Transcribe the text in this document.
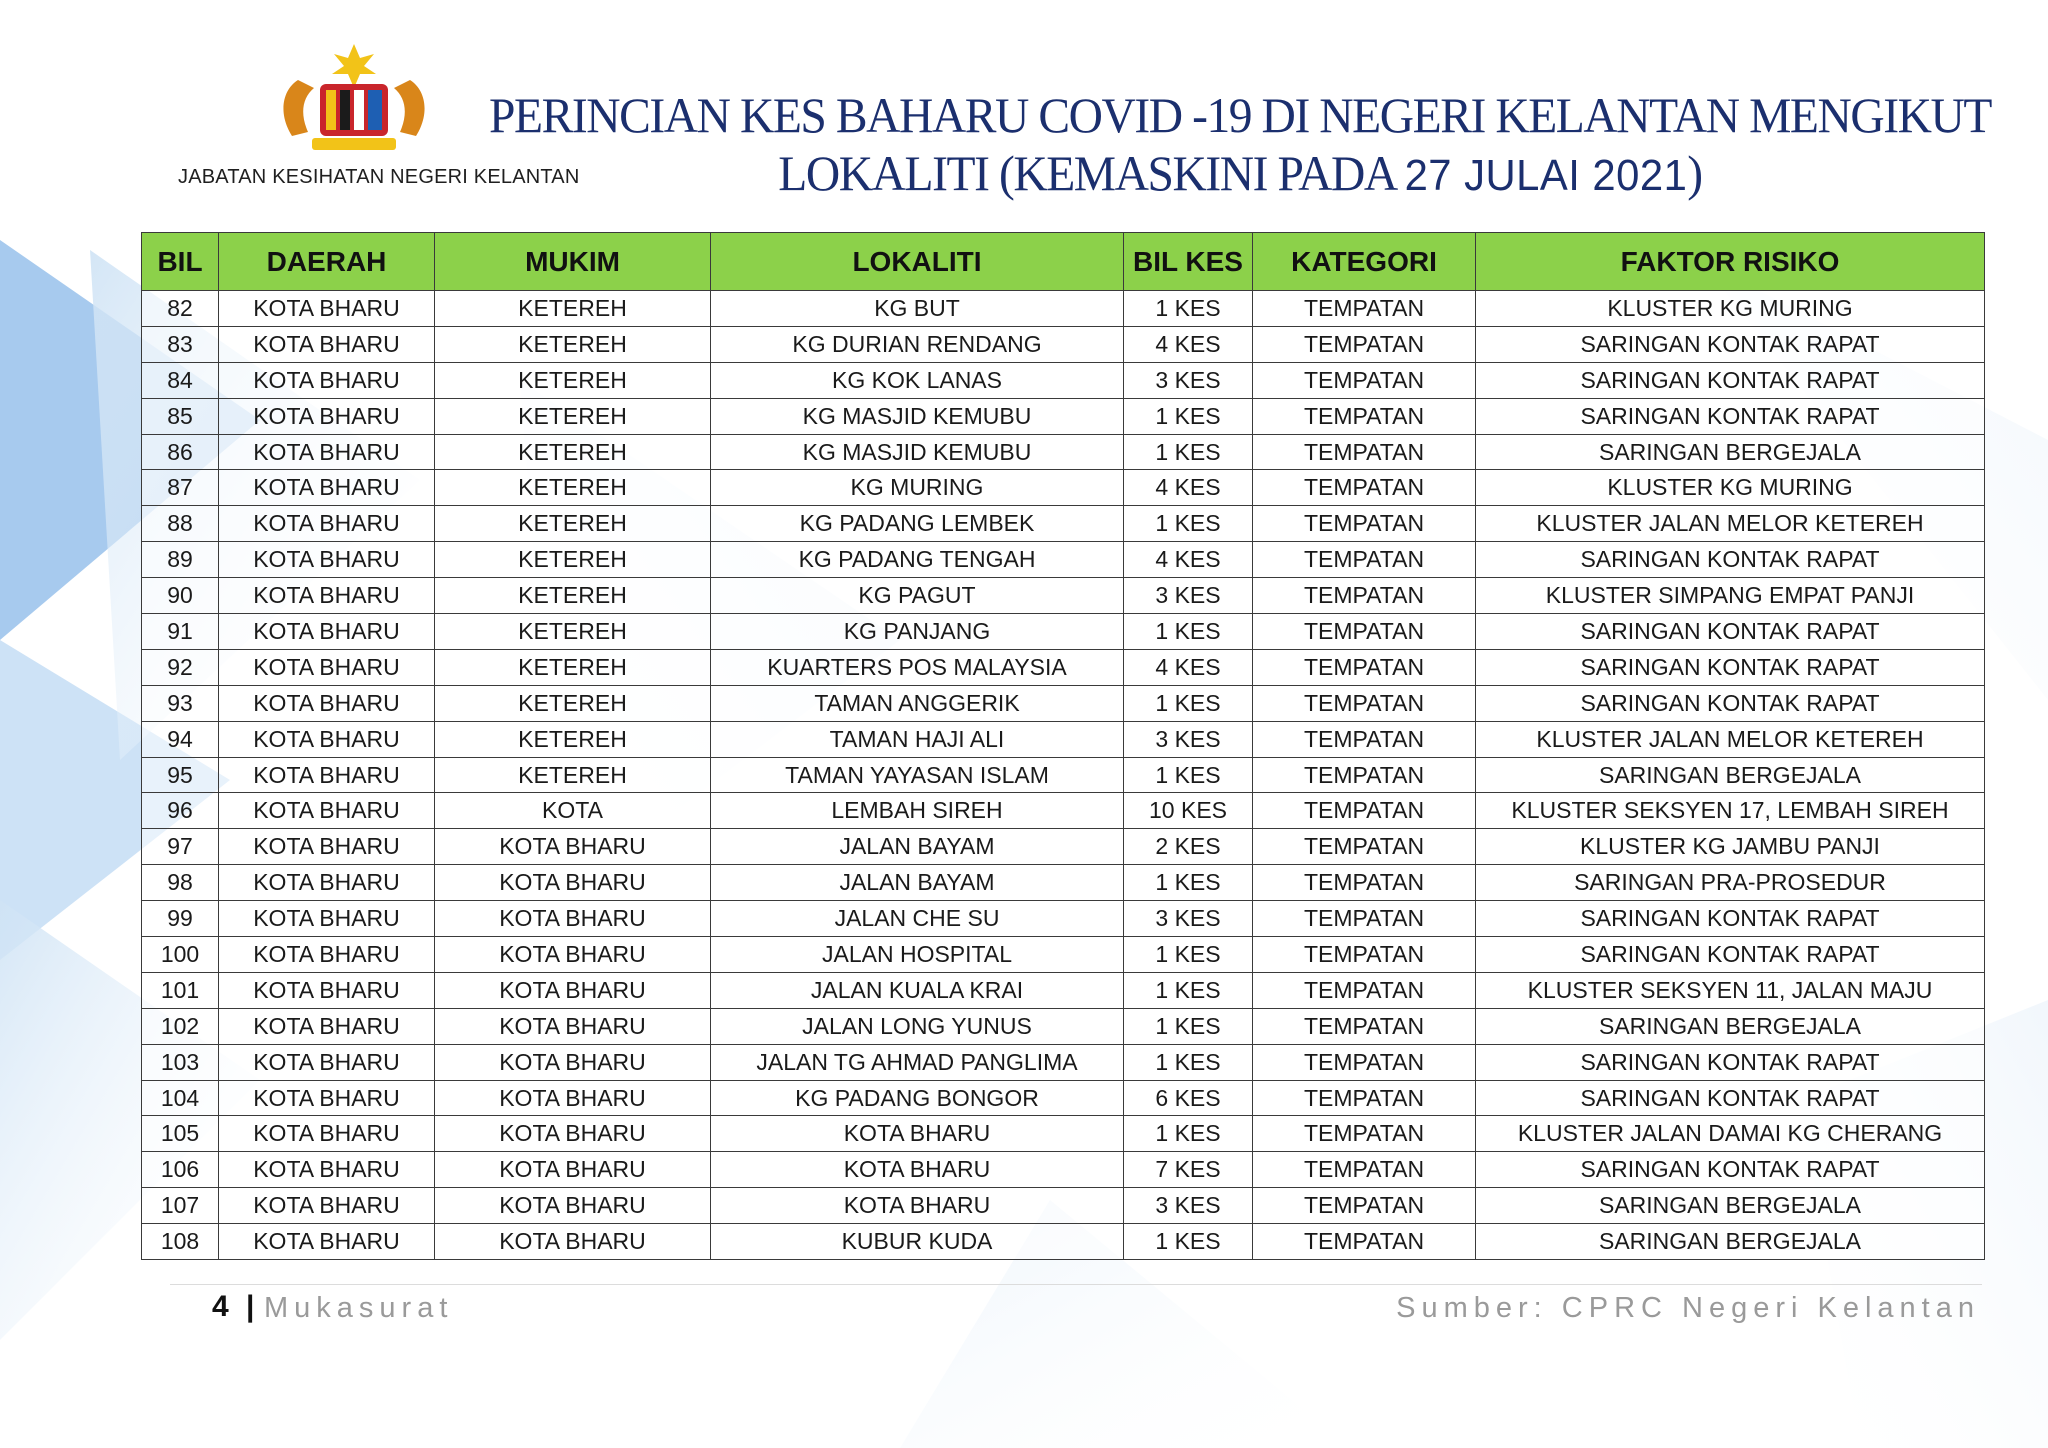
JABATAN KESIHATAN NEGERI KELANTAN
PERINCIAN KES BAHARU COVID -19 DI NEGERI KELANTAN MENGIKUT
LOKALITI (KEMASKINI PADA 27 JULAI 2021)
BIL	DAERAH	MUKIM	LOKALITI	BIL KES	KATEGORI	FAKTOR RISIKO
82	KOTA BHARU	KETEREH	KG BUT	1 KES	TEMPATAN	KLUSTER KG MURING
83	KOTA BHARU	KETEREH	KG DURIAN RENDANG	4 KES	TEMPATAN	SARINGAN KONTAK RAPAT
84	KOTA BHARU	KETEREH	KG KOK LANAS	3 KES	TEMPATAN	SARINGAN KONTAK RAPAT
85	KOTA BHARU	KETEREH	KG MASJID KEMUBU	1 KES	TEMPATAN	SARINGAN KONTAK RAPAT
86	KOTA BHARU	KETEREH	KG MASJID KEMUBU	1 KES	TEMPATAN	SARINGAN BERGEJALA
87	KOTA BHARU	KETEREH	KG MURING	4 KES	TEMPATAN	KLUSTER KG MURING
88	KOTA BHARU	KETEREH	KG PADANG LEMBEK	1 KES	TEMPATAN	KLUSTER JALAN MELOR KETEREH
89	KOTA BHARU	KETEREH	KG PADANG TENGAH	4 KES	TEMPATAN	SARINGAN KONTAK RAPAT
90	KOTA BHARU	KETEREH	KG PAGUT	3 KES	TEMPATAN	KLUSTER SIMPANG EMPAT PANJI
91	KOTA BHARU	KETEREH	KG PANJANG	1 KES	TEMPATAN	SARINGAN KONTAK RAPAT
92	KOTA BHARU	KETEREH	KUARTERS POS MALAYSIA	4 KES	TEMPATAN	SARINGAN KONTAK RAPAT
93	KOTA BHARU	KETEREH	TAMAN ANGGERIK	1 KES	TEMPATAN	SARINGAN KONTAK RAPAT
94	KOTA BHARU	KETEREH	TAMAN HAJI ALI	3 KES	TEMPATAN	KLUSTER JALAN MELOR KETEREH
95	KOTA BHARU	KETEREH	TAMAN YAYASAN ISLAM	1 KES	TEMPATAN	SARINGAN BERGEJALA
96	KOTA BHARU	KOTA	LEMBAH SIREH	10 KES	TEMPATAN	KLUSTER SEKSYEN 17, LEMBAH SIREH
97	KOTA BHARU	KOTA BHARU	JALAN BAYAM	2 KES	TEMPATAN	KLUSTER KG JAMBU PANJI
98	KOTA BHARU	KOTA BHARU	JALAN BAYAM	1 KES	TEMPATAN	SARINGAN PRA-PROSEDUR
99	KOTA BHARU	KOTA BHARU	JALAN CHE SU	3 KES	TEMPATAN	SARINGAN KONTAK RAPAT
100	KOTA BHARU	KOTA BHARU	JALAN HOSPITAL	1 KES	TEMPATAN	SARINGAN KONTAK RAPAT
101	KOTA BHARU	KOTA BHARU	JALAN KUALA KRAI	1 KES	TEMPATAN	KLUSTER SEKSYEN 11, JALAN MAJU
102	KOTA BHARU	KOTA BHARU	JALAN LONG YUNUS	1 KES	TEMPATAN	SARINGAN BERGEJALA
103	KOTA BHARU	KOTA BHARU	JALAN TG AHMAD PANGLIMA	1 KES	TEMPATAN	SARINGAN KONTAK RAPAT
104	KOTA BHARU	KOTA BHARU	KG PADANG BONGOR	6 KES	TEMPATAN	SARINGAN KONTAK RAPAT
105	KOTA BHARU	KOTA BHARU	KOTA BHARU	1 KES	TEMPATAN	KLUSTER JALAN DAMAI KG CHERANG
106	KOTA BHARU	KOTA BHARU	KOTA BHARU	7 KES	TEMPATAN	SARINGAN KONTAK RAPAT
107	KOTA BHARU	KOTA BHARU	KOTA BHARU	3 KES	TEMPATAN	SARINGAN BERGEJALA
108	KOTA BHARU	KOTA BHARU	KUBUR KUDA	1 KES	TEMPATAN	SARINGAN BERGEJALA
4 | Mukasurat	Sumber: CPRC Negeri Kelantan
